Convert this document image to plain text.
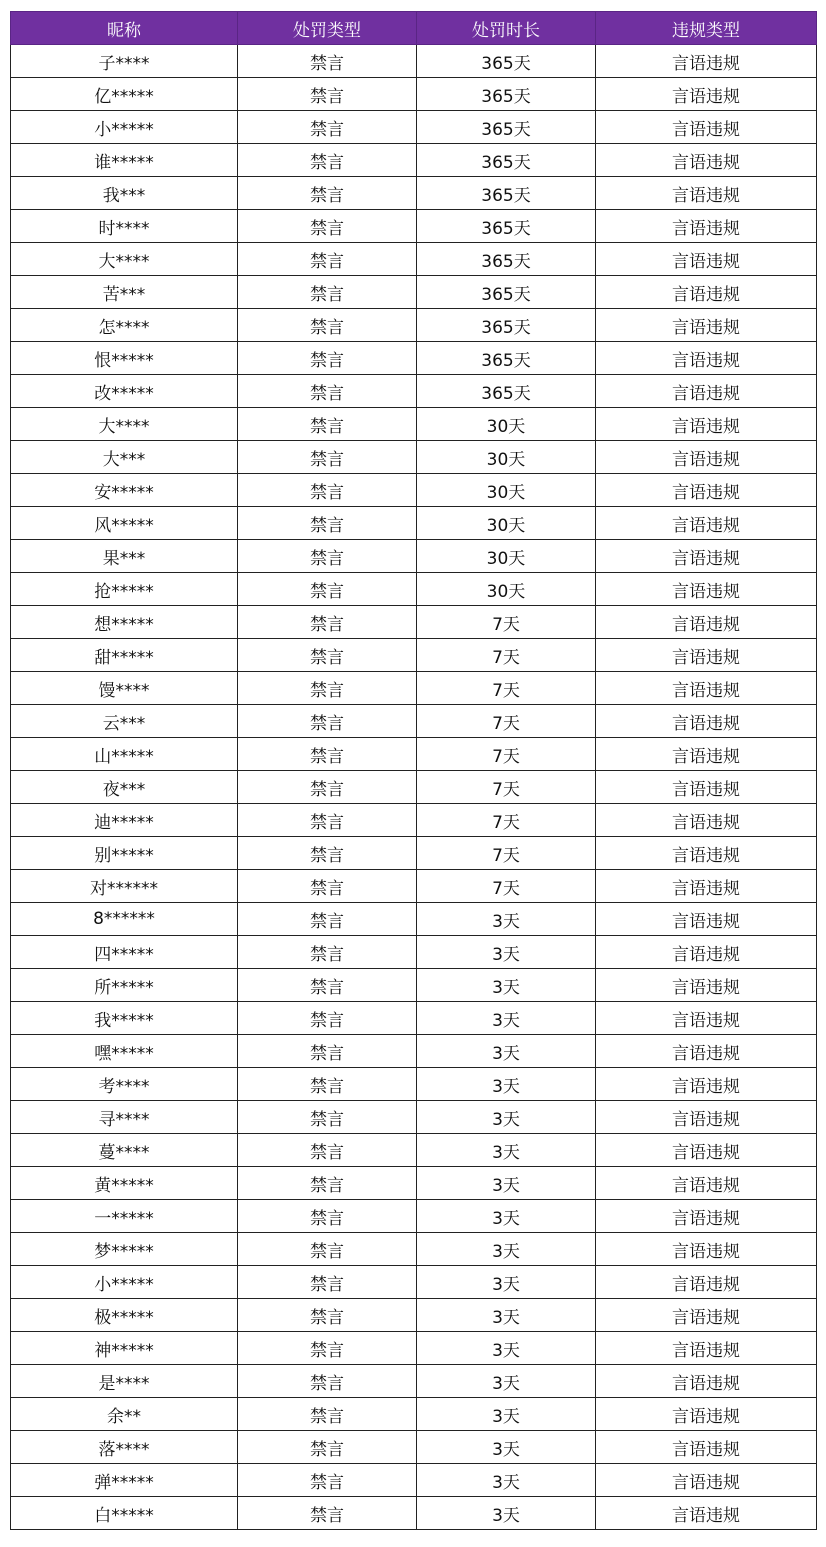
昵称	处罚类型	处罚时长	违规类型
子****	禁言	365天	言语违规
亿*****	禁言	365天	言语违规
小*****	禁言	365天	言语违规
谁*****	禁言	365天	言语违规
我***	禁言	365天	言语违规
时****	禁言	365天	言语违规
大****	禁言	365天	言语违规
苦***	禁言	365天	言语违规
怎****	禁言	365天	言语违规
恨*****	禁言	365天	言语违规
改*****	禁言	365天	言语违规
大****	禁言	30天	言语违规
大***	禁言	30天	言语违规
安*****	禁言	30天	言语违规
风*****	禁言	30天	言语违规
果***	禁言	30天	言语违规
抢*****	禁言	30天	言语违规
想*****	禁言	7天	言语违规
甜*****	禁言	7天	言语违规
馒****	禁言	7天	言语违规
云***	禁言	7天	言语违规
山*****	禁言	7天	言语违规
夜***	禁言	7天	言语违规
迪*****	禁言	7天	言语违规
别*****	禁言	7天	言语违规
对******	禁言	7天	言语违规
8******	禁言	3天	言语违规
四*****	禁言	3天	言语违规
所*****	禁言	3天	言语违规
我*****	禁言	3天	言语违规
嘿*****	禁言	3天	言语违规
考****	禁言	3天	言语违规
寻****	禁言	3天	言语违规
蔓****	禁言	3天	言语违规
黄*****	禁言	3天	言语违规
一*****	禁言	3天	言语违规
梦*****	禁言	3天	言语违规
小*****	禁言	3天	言语违规
极*****	禁言	3天	言语违规
神*****	禁言	3天	言语违规
是****	禁言	3天	言语违规
余**	禁言	3天	言语违规
落****	禁言	3天	言语违规
弹*****	禁言	3天	言语违规
白*****	禁言	3天	言语违规
